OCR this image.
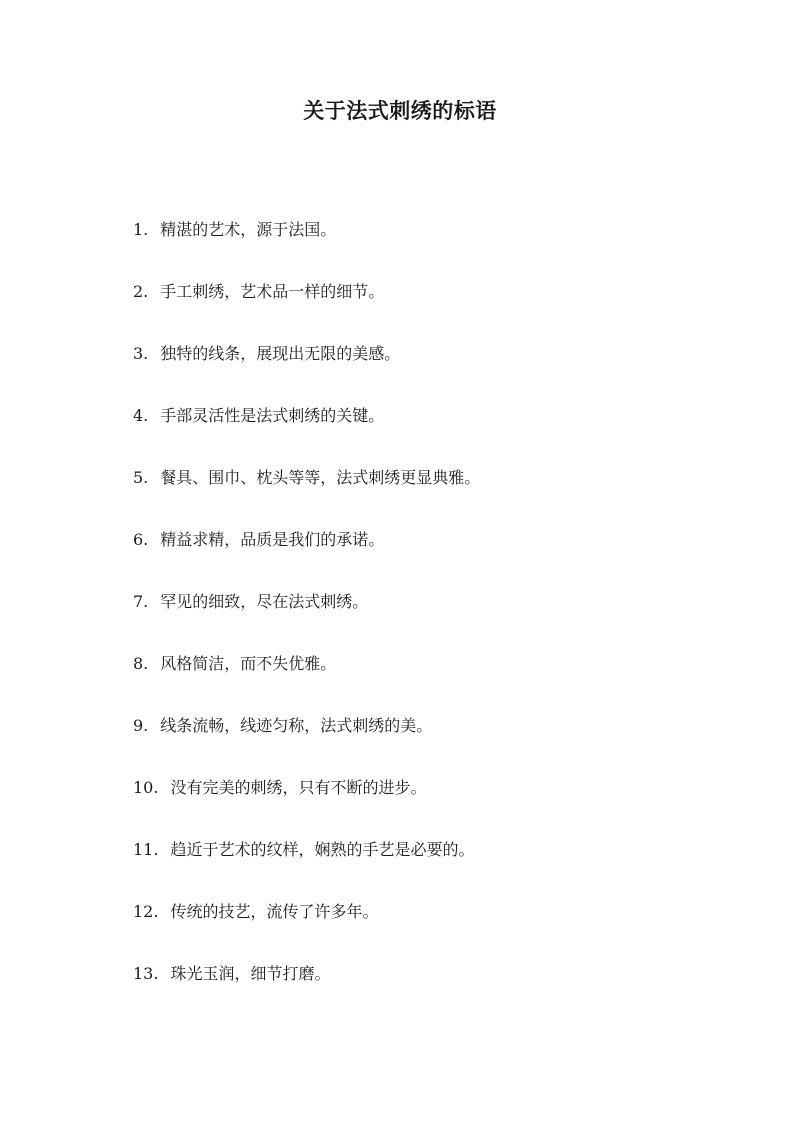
关于法式刺绣的标语
1. 精湛的艺术，源于法国。
2. 手工刺绣，艺术品一样的细节。
3. 独特的线条，展现出无限的美感。
4. 手部灵活性是法式刺绣的关键。
5. 餐具、围巾、枕头等等，法式刺绣更显典雅。
6. 精益求精，品质是我们的承诺。
7. 罕见的细致，尽在法式刺绣。
8. 风格简洁，而不失优雅。
9. 线条流畅，线迹匀称，法式刺绣的美。
10. 没有完美的刺绣，只有不断的进步。
11. 趋近于艺术的纹样，娴熟的手艺是必要的。
12. 传统的技艺，流传了许多年。
13. 珠光玉润，细节打磨。
